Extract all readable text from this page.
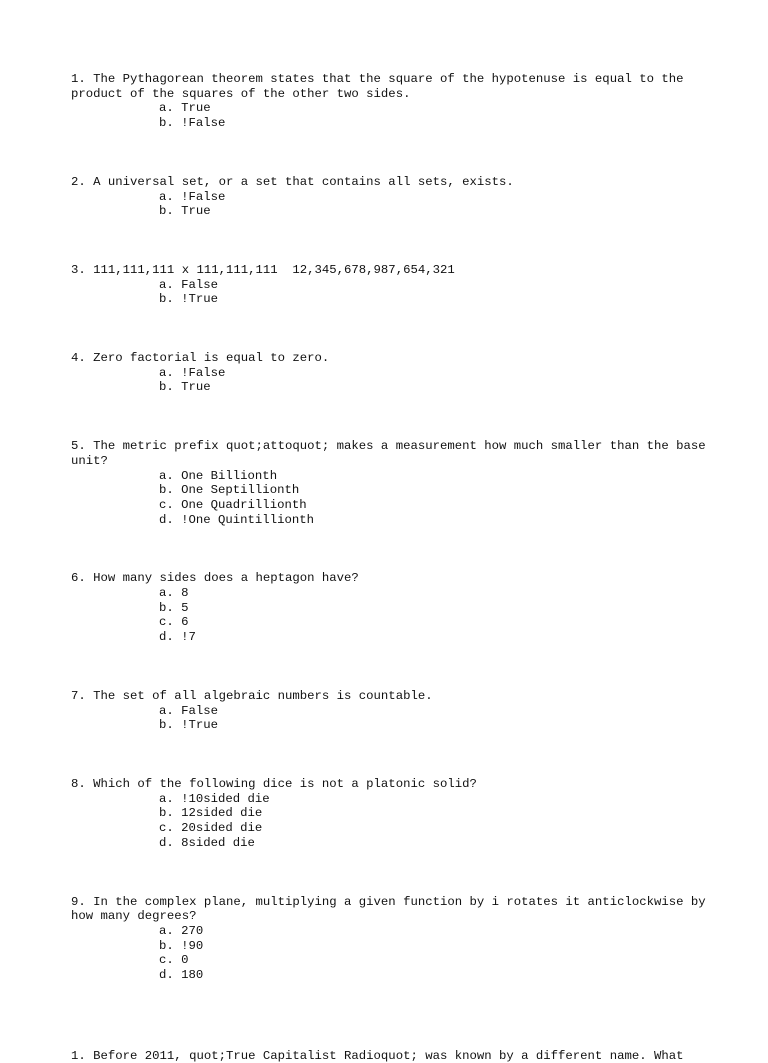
1. The Pythagorean theorem states that the square of the hypotenuse is equal to the product of the squares of the other two sides.

a. True
b. !False

2. A universal set, or a set that contains all sets, exists.

a. !False
b. True

3. 111,111,111 x 111,111,111  12,345,678,987,654,321

a. False
b. !True

4. Zero factorial is equal to zero.

a. !False
b. True

5. The metric prefix quot;attoquot; makes a measurement how much smaller than the base unit?

a. One Billionth
b. One Septillionth
c. One Quadrillionth
d. !One Quintillionth

6. How many sides does a heptagon have?

a. 8
b. 5
c. 6
d. !7

7. The set of all algebraic numbers is countable.

a. False
b. !True

8. Which of the following dice is not a platonic solid?

a. !10sided die
b. 12sided die
c. 20sided die
d. 8sided die

9. In the complex plane, multiplying a given function by i rotates it anticlockwise by how many degrees?

a. 270
b. !90
c. 0
d. 180

1. Before 2011, quot;True Capitalist Radioquot; was known by a different name. What
